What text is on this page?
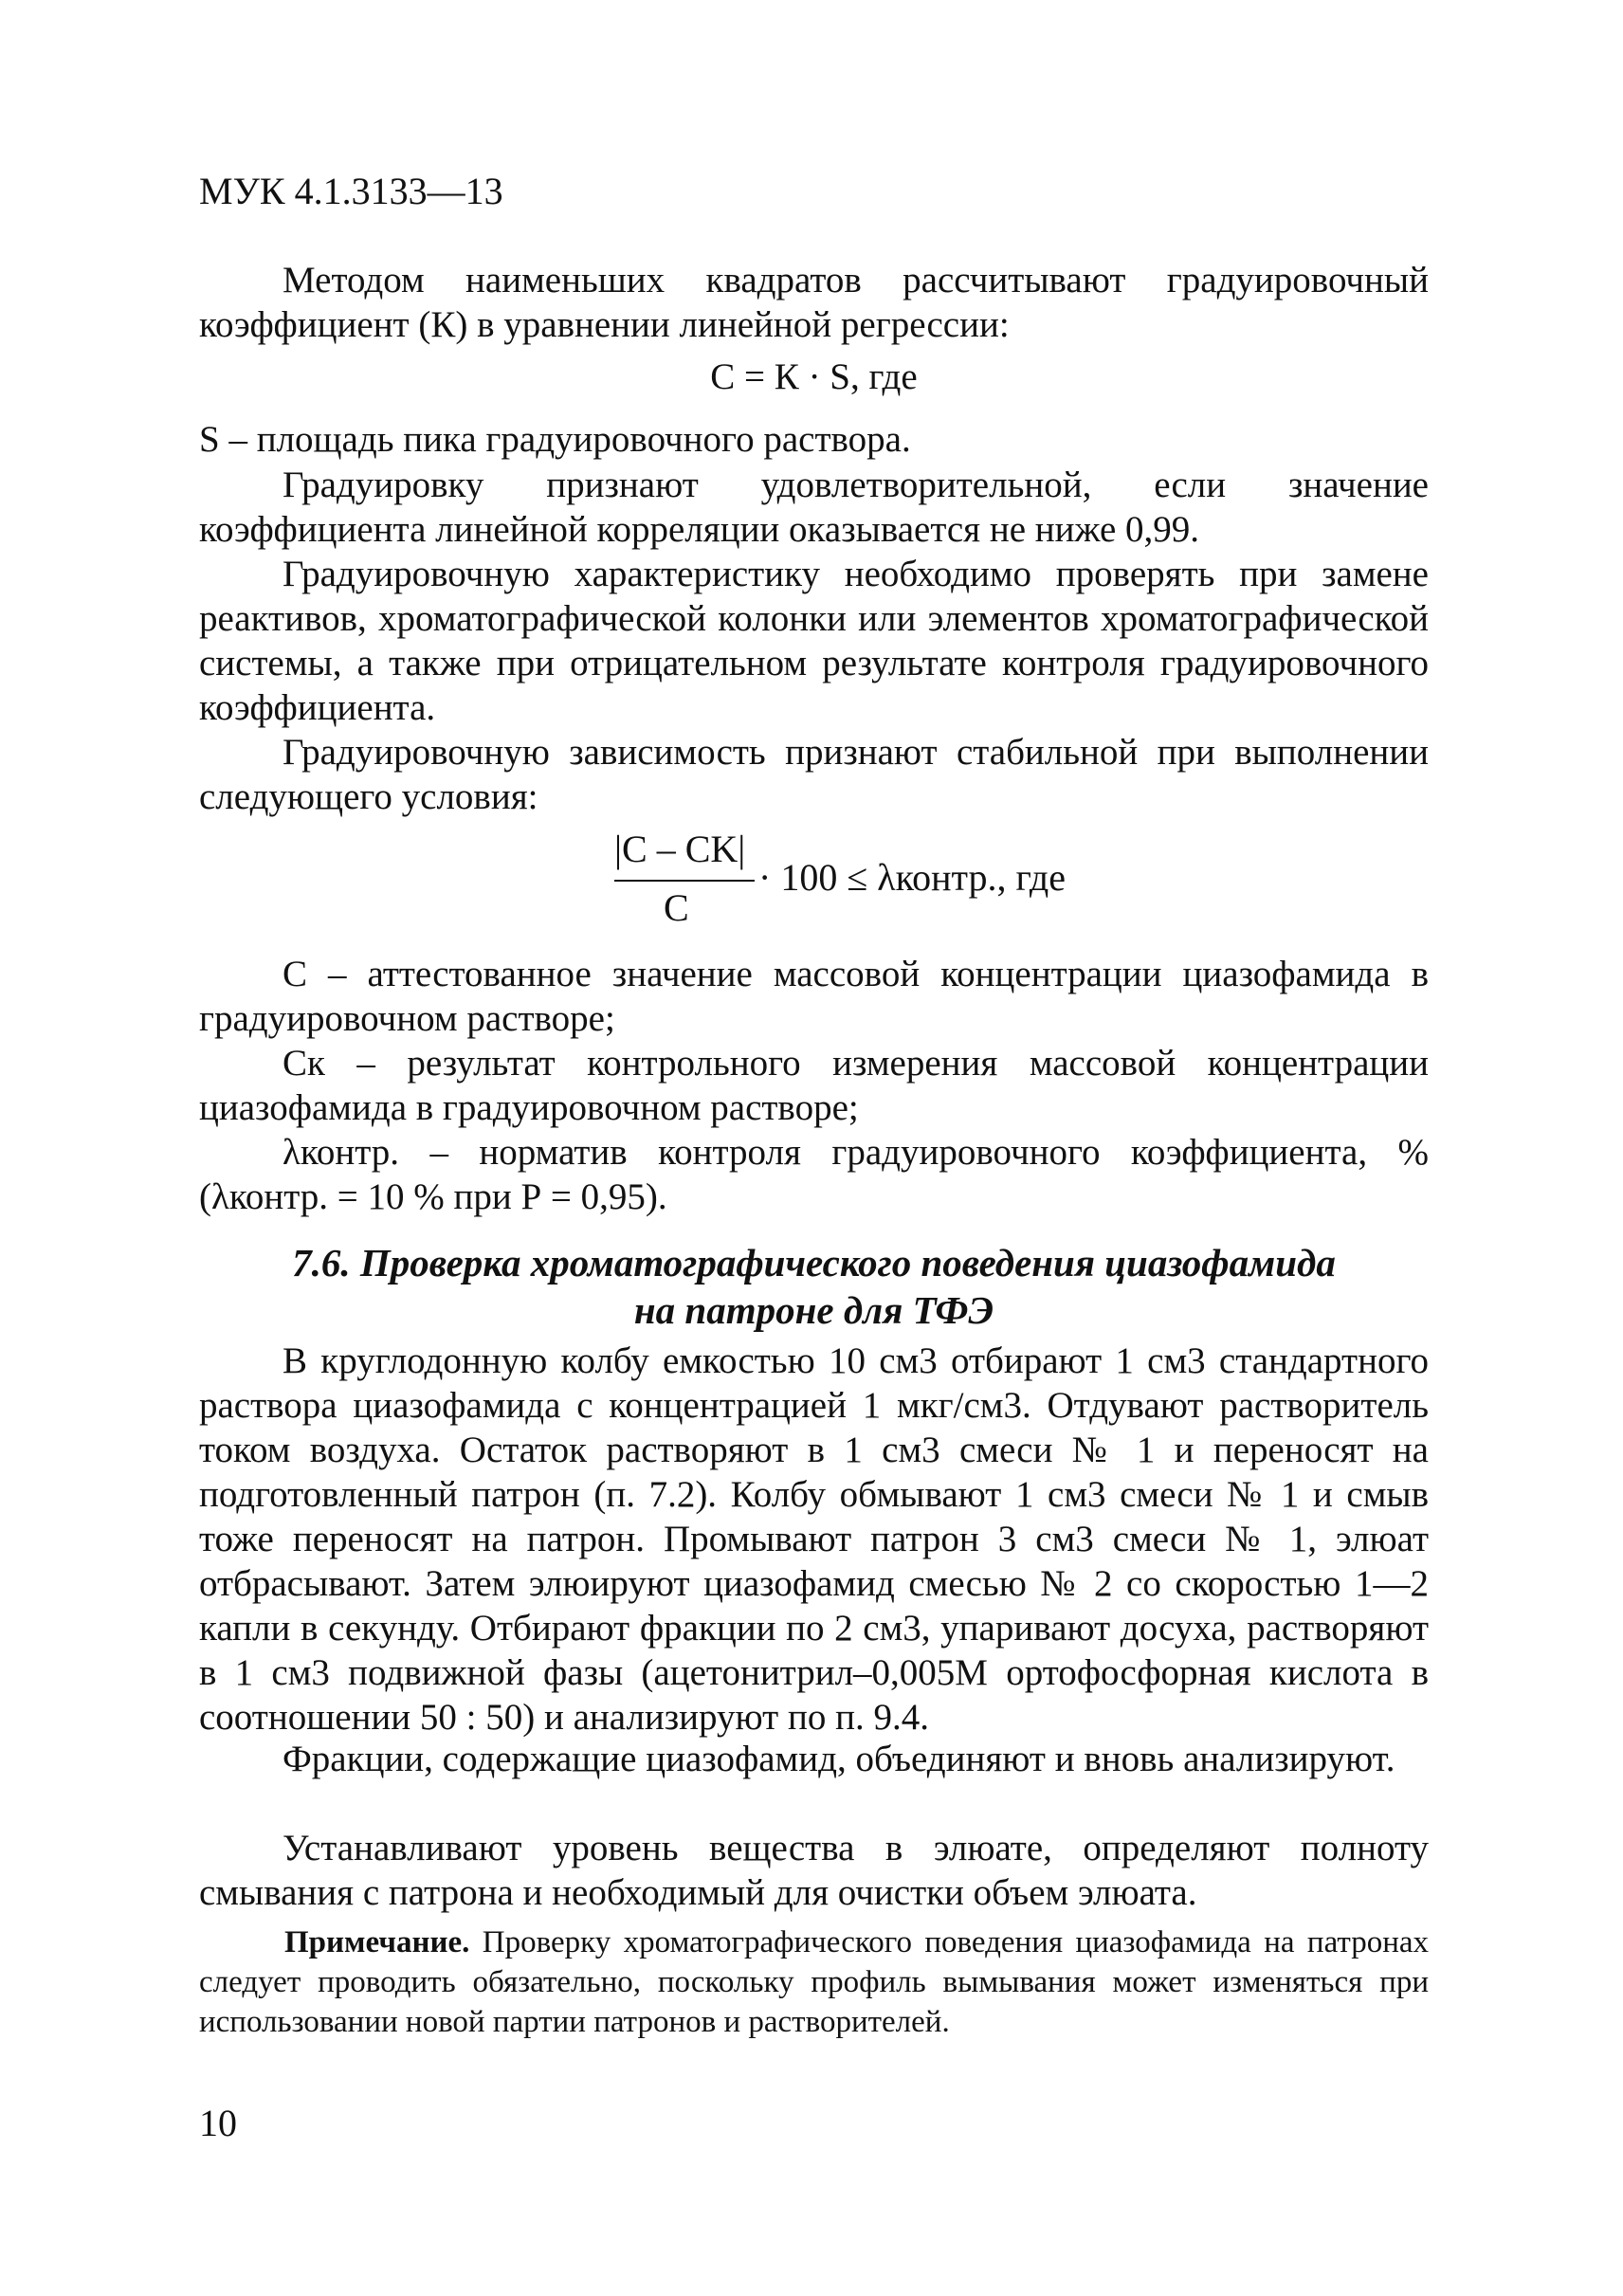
МУК 4.1.3133—13

Методом наименьших квадратов рассчитывают градуировочный коэффициент (К) в уравнении линейной регрессии:

С = К · S, где

S – площадь пика градуировочного раствора.

Градуировку признают удовлетворительной, если значение коэффициента линейной корреляции оказывается не ниже 0,99.

Градуировочную характеристику необходимо проверять при замене реактивов, хроматографической колонки или элементов хроматографической системы, а также при отрицательном результате контроля градуировочного коэффициента.

Градуировочную зависимость признают стабильной при выполнении следующего условия:

|С – СK|
С
· 100 ≤ λконтр., где

С – аттестованное значение массовой концентрации циазофамида в градуировочном растворе;

Ск – результат контрольного измерения массовой концентрации циазофамида в градуировочном растворе;

λконтр. – норматив контроля градуировочного коэффициента, % (λконтр. = 10 % при Р = 0,95).

7.6. Проверка хроматографического поведения циазофамида
на патроне для ТФЭ

В круглодонную колбу емкостью 10 см3 отбирают 1 см3 стандартного раствора циазофамида с концентрацией 1 мкг/см3. Отдувают растворитель током воздуха. Остаток растворяют в 1 см3 смеси № 1 и переносят на подготовленный патрон (п. 7.2). Колбу обмывают 1 см3 смеси № 1 и смыв тоже переносят на патрон. Промывают патрон 3 см3 смеси № 1, элюат отбрасывают. Затем элюируют циазофамид смесью № 2 со скоростью 1—2 капли в секунду. Отбирают фракции по 2 см3, упаривают досуха, растворяют в 1 см3 подвижной фазы (ацетонитрил–0,005М ортофосфорная кислота в соотношении 50 : 50) и анализируют по п. 9.4.

Фракции, содержащие циазофамид, объединяют и вновь анализируют.

Устанавливают уровень вещества в элюате, определяют полноту смывания с патрона и необходимый для очистки объем элюата.

Примечание. Проверку хроматографического поведения циазофамида на патронах следует проводить обязательно, поскольку профиль вымывания может изменяться при использовании новой партии патронов и растворителей.

10
